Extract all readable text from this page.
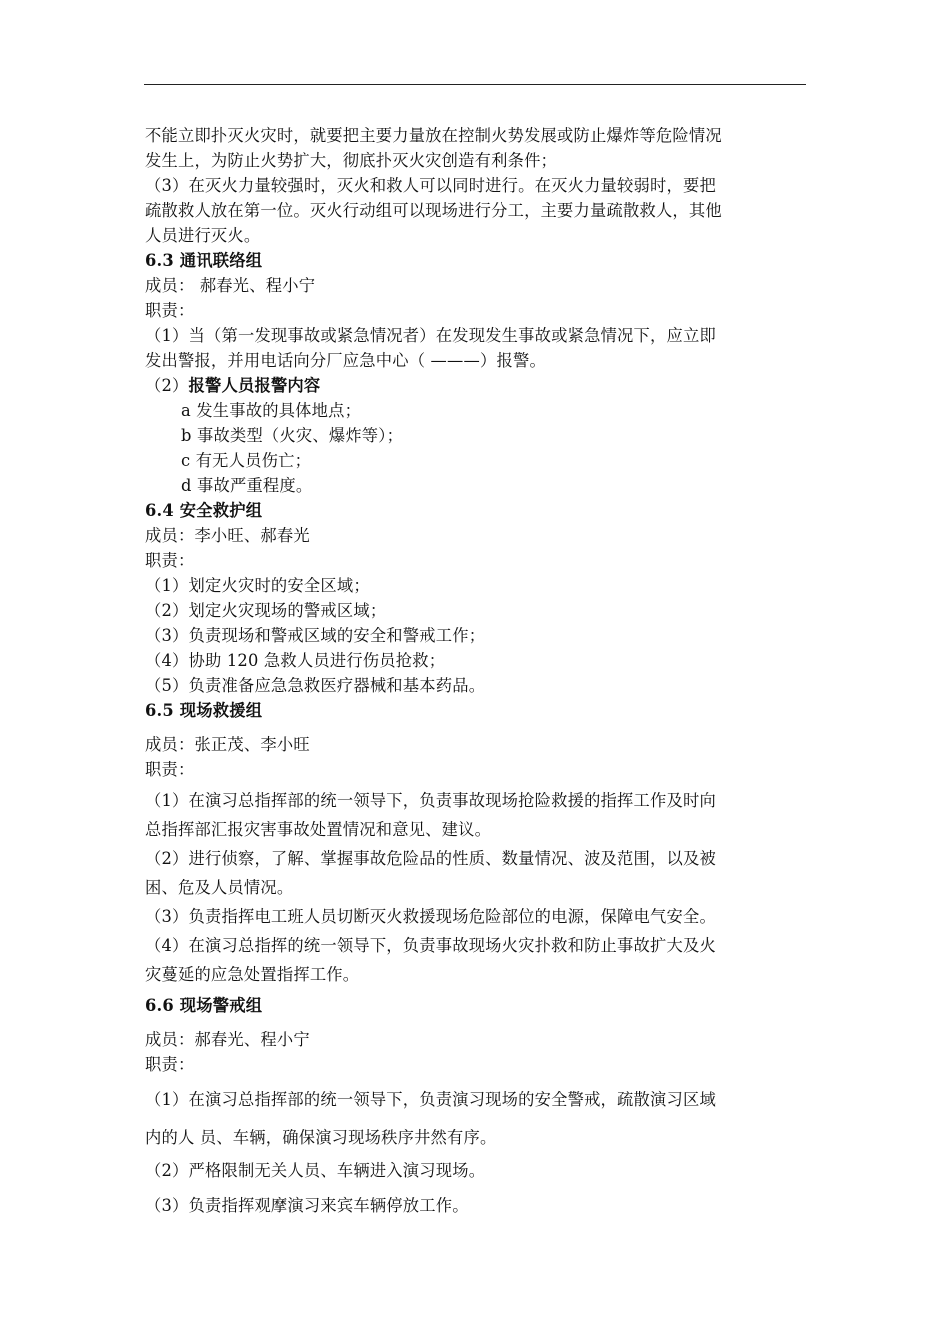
不能立即扑灭火灾时，就要把主要力量放在控制火势发展或防止爆炸等危险情况
发生上，为防止火势扩大，彻底扑灭火灾创造有利条件；
（3）在灭火力量较强时，灭火和救人可以同时进行。在灭火力量较弱时，要把
疏散救人放在第一位。灭火行动组可以现场进行分工，主要力量疏散救人，其他
人员进行灭火。
6.3 通讯联络组
成员： 郝春光、程小宁
职责：
（1）当（第一发现事故或紧急情况者）在发现发生事故或紧急情况下，应立即
发出警报，并用电话向分厂应急中心（ ———）报警。
（2）报警人员报警内容
a 发生事故的具体地点；
b 事故类型（火灾、爆炸等）；
c 有无人员伤亡；
d 事故严重程度。
6.4 安全救护组
成员：李小旺、郝春光
职责：
（1）划定火灾时的安全区域；
（2）划定火灾现场的警戒区域；
（3）负责现场和警戒区域的安全和警戒工作；
（4）协助 120 急救人员进行伤员抢救；
（5）负责准备应急急救医疗器械和基本药品。
6.5 现场救援组
成员：张正茂、李小旺
职责：
（1）在演习总指挥部的统一领导下，负责事故现场抢险救援的指挥工作及时向
总指挥部汇报灾害事故处置情况和意见、建议。
（2）进行侦察，了解、掌握事故危险品的性质、数量情况、波及范围，以及被
困、危及人员情况。
（3）负责指挥电工班人员切断灭火救援现场危险部位的电源，保障电气安全。
（4）在演习总指挥的统一领导下，负责事故现场火灾扑救和防止事故扩大及火
灾蔓延的应急处置指挥工作。
6.6 现场警戒组
成员：郝春光、程小宁
职责：
（1）在演习总指挥部的统一领导下，负责演习现场的安全警戒，疏散演习区域
内的人 员、车辆，确保演习现场秩序井然有序。
（2）严格限制无关人员、车辆进入演习现场。
（3）负责指挥观摩演习来宾车辆停放工作。
